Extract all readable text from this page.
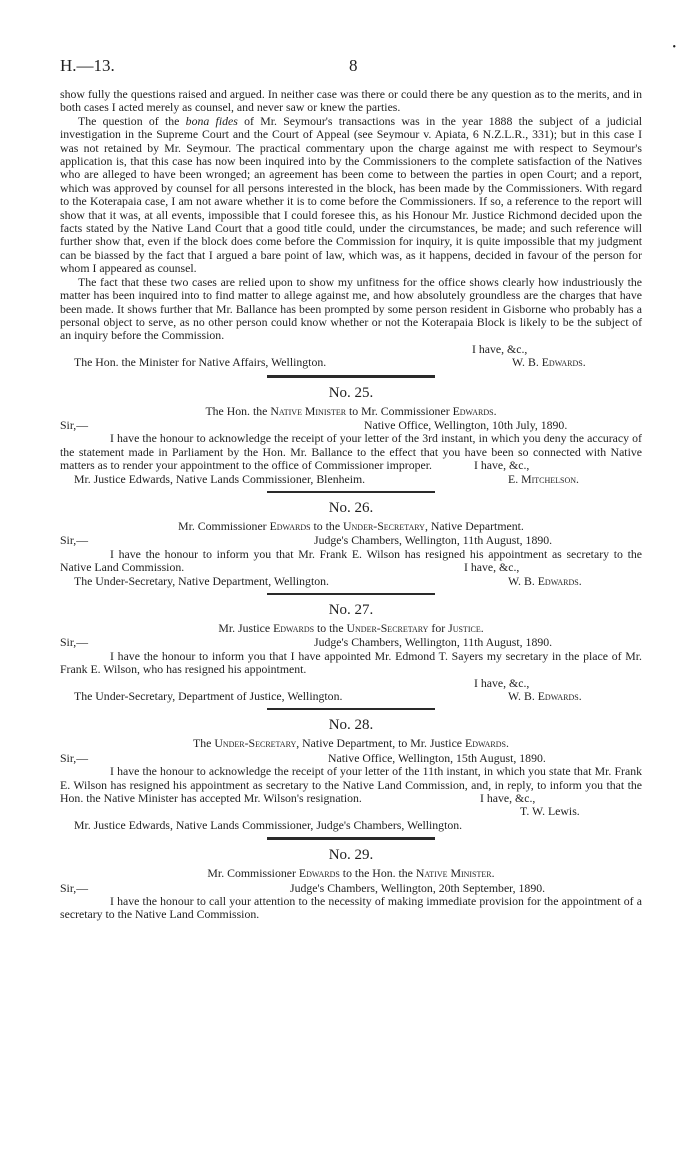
H.—13.	8
•

show fully the questions raised and argued. In neither case was there or could there be any question as to the merits, and in both cases I acted merely as counsel, and never saw or knew the parties.

The question of the bona fides of Mr. Seymour's transactions was in the year 1888 the subject of a judicial investigation in the Supreme Court and the Court of Appeal (see Seymour v. Apiata, 6 N.Z.L.R., 331); but in this case I was not retained by Mr. Seymour. The practical commentary upon the charge against me with respect to Seymour's application is, that this case has now been inquired into by the Commissioners to the complete satisfaction of the Natives who are alleged to have been wronged; an agreement has been come to between the parties in open Court; and a report, which was approved by counsel for all persons interested in the block, has been made by the Commissioners. With regard to the Koterapaia case, I am not aware whether it is to come before the Commissioners. If so, a reference to the report will show that it was, at all events, impossible that I could foresee this, as his Honour Mr. Justice Richmond decided upon the facts stated by the Native Land Court that a good title could, under the circumstances, be made; and such reference will further show that, even if the block does come before the Commission for inquiry, it is quite impossible that my judgment can be biassed by the fact that I argued a bare point of law, which was, as it happens, decided in favour of the person for whom I appeared as counsel.

The fact that these two cases are relied upon to show my unfitness for the office shows clearly how industriously the matter has been inquired into to find matter to allege against me, and how absolutely groundless are the charges that have been made. It shows further that Mr. Ballance has been prompted by some person resident in Gisborne who probably has a personal object to serve, as no other person could know whether or not the Koterapaia Block is likely to be the subject of an inquiry before the Commission.

I have, &c.,
The Hon. the Minister for Native Affairs, Wellington.	W. B. Edwards.
No. 25.
The Hon. the Native Minister to Mr. Commissioner Edwards.
Sir,—	Native Office, Wellington, 10th July, 1890.

I have the honour to acknowledge the receipt of your letter of the 3rd instant, in which you deny the accuracy of the statement made in Parliament by the Hon. Mr. Ballance to the effect that you have been so connected with Native matters as to render your appointment to the office of Commissioner improper.	I have, &c.,
Mr. Justice Edwards, Native Lands Commissioner, Blenheim.	E. Mitchelson.
No. 26.
Mr. Commissioner Edwards to the Under-Secretary, Native Department.
Sir,—	Judge's Chambers, Wellington, 11th August, 1890.

I have the honour to inform you that Mr. Frank E. Wilson has resigned his appointment as secretary to the Native Land Commission.	I have, &c.,
The Under-Secretary, Native Department, Wellington.	W. B. Edwards.
No. 27.
Mr. Justice Edwards to the Under-Secretary for Justice.
Sir,—	Judge's Chambers, Wellington, 11th August, 1890.

I have the honour to inform you that I have appointed Mr. Edmond T. Sayers my secretary in the place of Mr. Frank E. Wilson, who has resigned his appointment.

I have, &c.,
The Under-Secretary, Department of Justice, Wellington.	W. B. Edwards.
No. 28.
The Under-Secretary, Native Department, to Mr. Justice Edwards.
Sir,—	Native Office, Wellington, 15th August, 1890.

I have the honour to acknowledge the receipt of your letter of the 11th instant, in which you state that Mr. Frank E. Wilson has resigned his appointment as secretary to the Native Land Commission, and, in reply, to inform you that the Hon. the Native Minister has accepted Mr. Wilson's resignation.	I have, &c.,
T. W. Lewis.
Mr. Justice Edwards, Native Lands Commissioner, Judge's Chambers, Wellington.
No. 29.
Mr. Commissioner Edwards to the Hon. the Native Minister.
Sir,—	Judge's Chambers, Wellington, 20th September, 1890.

I have the honour to call your attention to the necessity of making immediate provision for the appointment of a secretary to the Native Land Commission.
